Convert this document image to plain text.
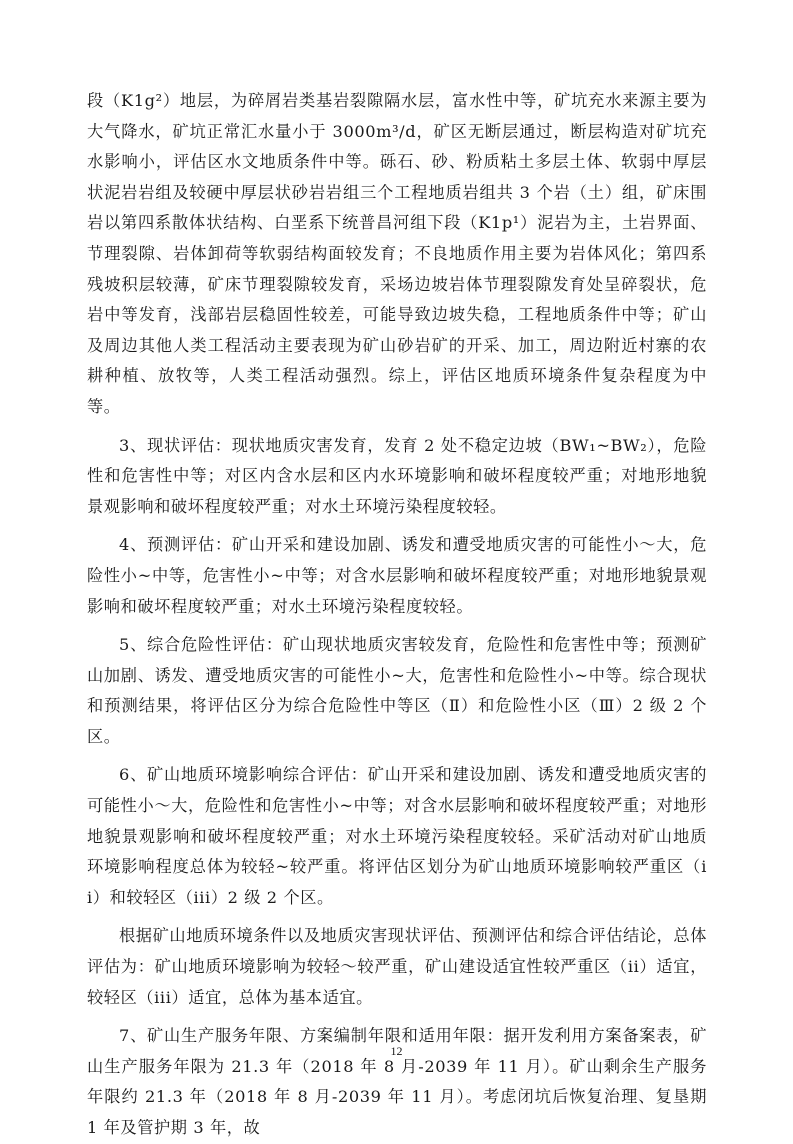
段（K1g²）地层，为碎屑岩类基岩裂隙隔水层，富水性中等，矿坑充水来源主要为大气降水，矿坑正常汇水量小于 3000m³/d，矿区无断层通过，断层构造对矿坑充水影响小，评估区水文地质条件中等。砾石、砂、粉质粘土多层土体、软弱中厚层状泥岩岩组及较硬中厚层状砂岩岩组三个工程地质岩组共 3 个岩（土）组，矿床围岩以第四系散体状结构、白垩系下统普昌河组下段（K1p¹）泥岩为主，土岩界面、节理裂隙、岩体卸荷等软弱结构面较发育；不良地质作用主要为岩体风化；第四系残坡积层较薄，矿床节理裂隙较发育，采场边坡岩体节理裂隙发育处呈碎裂状，危岩中等发育，浅部岩层稳固性较差，可能导致边坡失稳，工程地质条件中等；矿山及周边其他人类工程活动主要表现为矿山砂岩矿的开采、加工，周边附近村寨的农耕种植、放牧等，人类工程活动强烈。综上，评估区地质环境条件复杂程度为中等。

3、现状评估：现状地质灾害发育，发育 2 处不稳定边坡（BW₁~BW₂），危险性和危害性中等；对区内含水层和区内水环境影响和破坏程度较严重；对地形地貌景观影响和破坏程度较严重；对水土环境污染程度较轻。

4、预测评估：矿山开采和建设加剧、诱发和遭受地质灾害的可能性小～大，危险性小~中等，危害性小~中等；对含水层影响和破坏程度较严重；对地形地貌景观影响和破坏程度较严重；对水土环境污染程度较轻。

5、综合危险性评估：矿山现状地质灾害较发育，危险性和危害性中等；预测矿山加剧、诱发、遭受地质灾害的可能性小~大，危害性和危险性小~中等。综合现状和预测结果，将评估区分为综合危险性中等区（Ⅱ）和危险性小区（Ⅲ）2 级 2 个区。

6、矿山地质环境影响综合评估：矿山开采和建设加剧、诱发和遭受地质灾害的可能性小～大，危险性和危害性小~中等；对含水层影响和破坏程度较严重；对地形地貌景观影响和破坏程度较严重；对水土环境污染程度较轻。采矿活动对矿山地质环境影响程度总体为较轻~较严重。将评估区划分为矿山地质环境影响较严重区（ii）和较轻区（iii）2 级 2 个区。

根据矿山地质环境条件以及地质灾害现状评估、预测评估和综合评估结论，总体评估为：矿山地质环境影响为较轻～较严重，矿山建设适宜性较严重区（ii）适宜，较轻区（iii）适宜，总体为基本适宜。

7、矿山生产服务年限、方案编制年限和适用年限：据开发利用方案备案表，矿山生产服务年限为 21.3 年（2018 年 8 月-2039 年 11 月）。矿山剩余生产服务年限约 21.3 年（2018 年 8 月-2039 年 11 月）。考虑闭坑后恢复治理、复垦期 1 年及管护期 3 年，故

12
